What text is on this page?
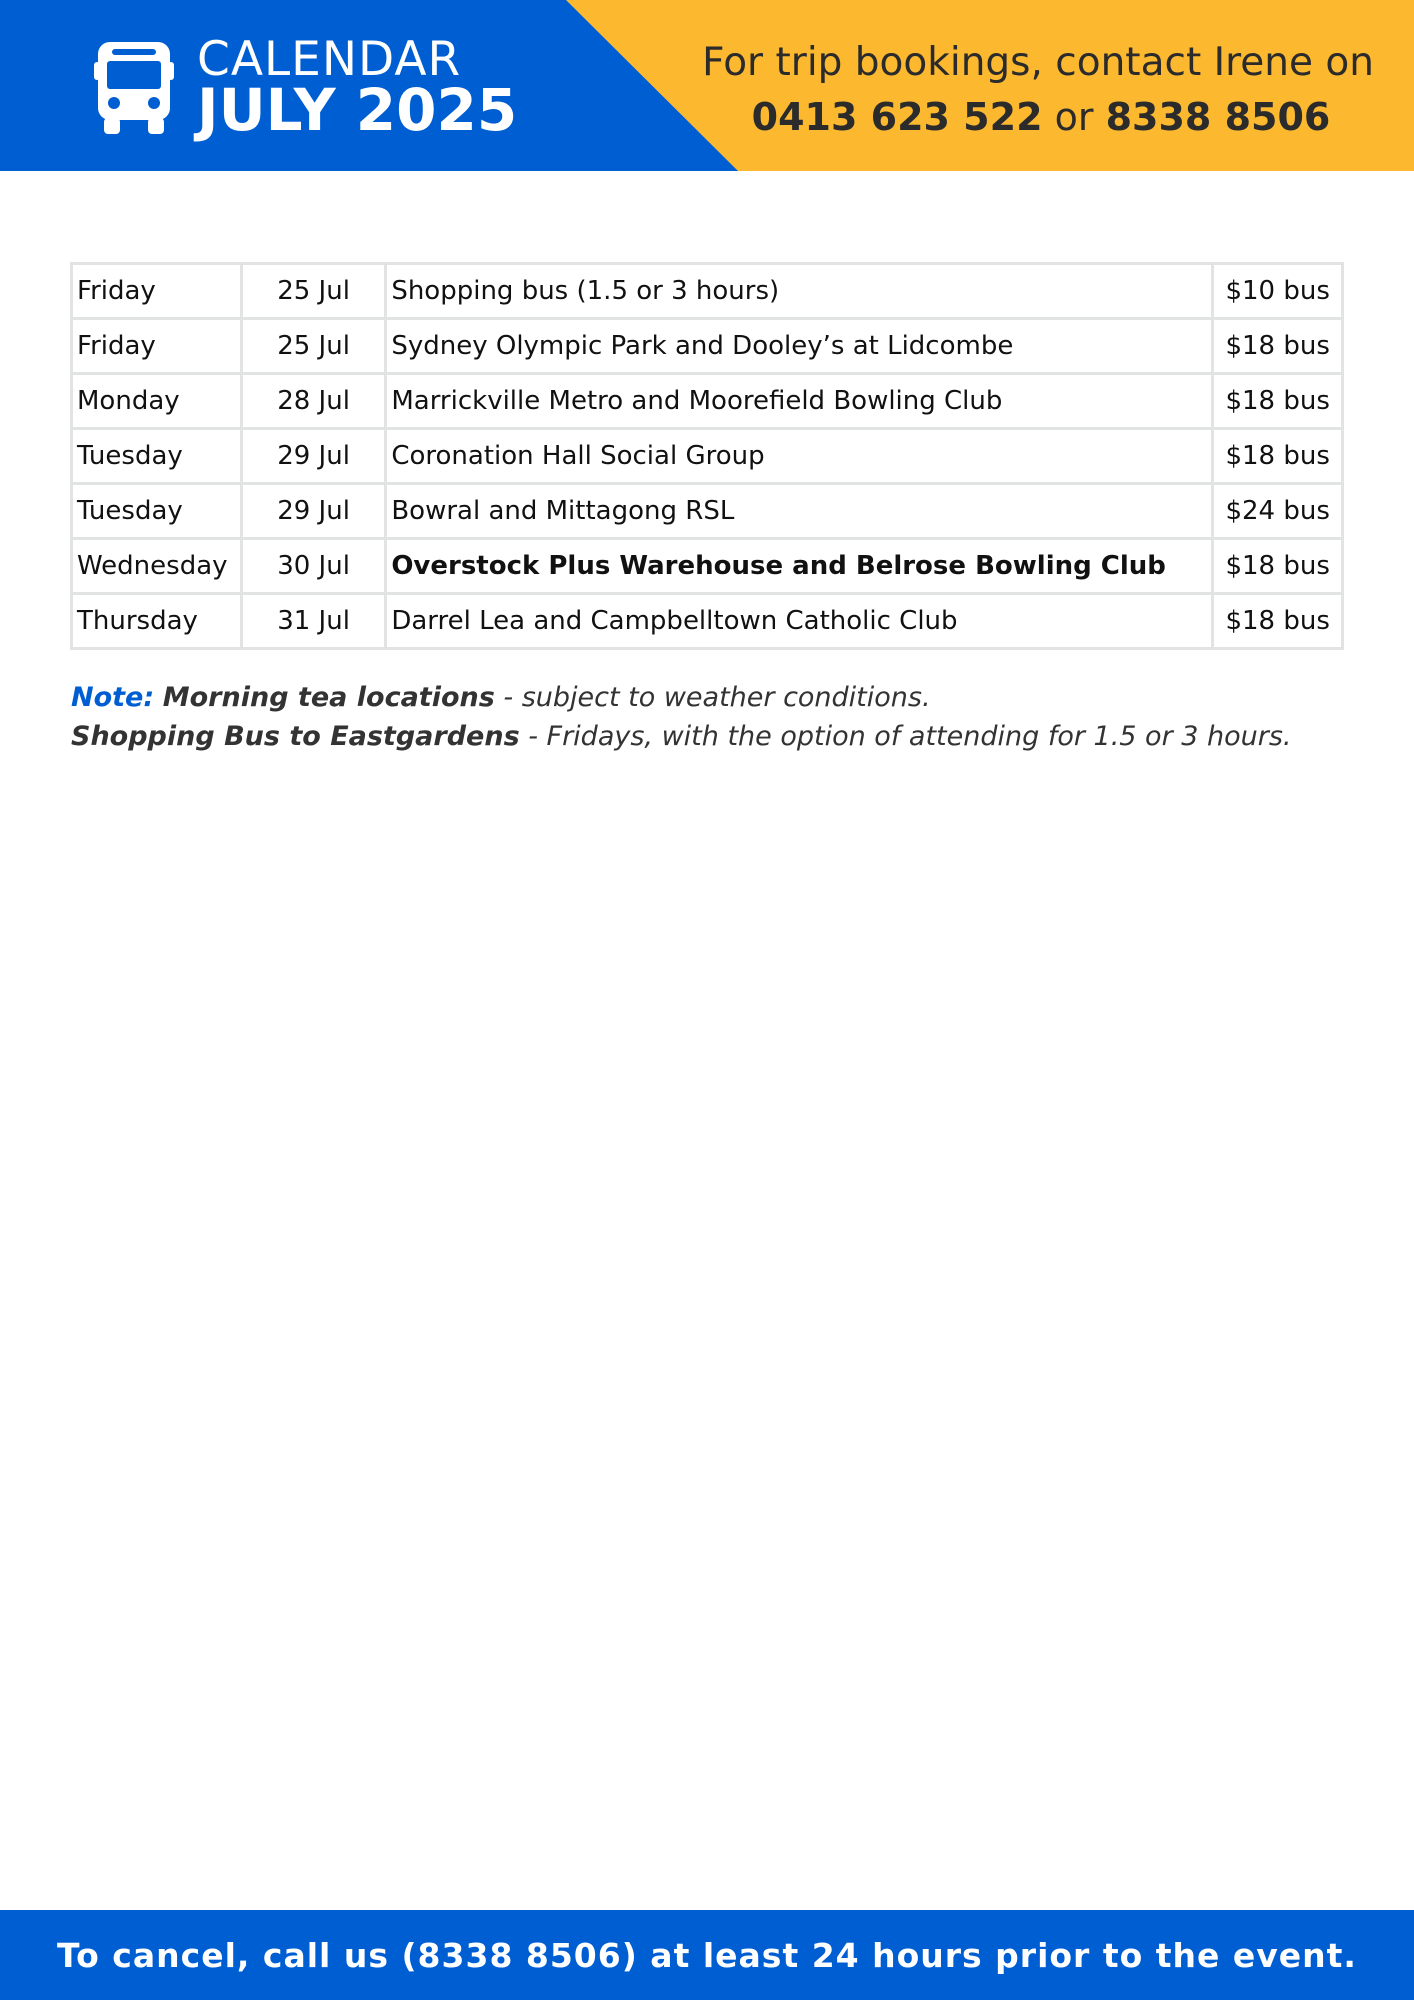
CALENDAR
JULY 2025
For trip bookings, contact Irene on
0413 623 522 or 8338 8506
Friday	25 Jul	Shopping bus (1.5 or 3 hours)	$10 bus
Friday	25 Jul	Sydney Olympic Park and Dooley’s at Lidcombe	$18 bus
Monday	28 Jul	Marrickville Metro and Moorefield Bowling Club	$18 bus
Tuesday	29 Jul	Coronation Hall Social Group	$18 bus
Tuesday	29 Jul	Bowral and Mittagong RSL	$24 bus
Wednesday	30 Jul	Overstock Plus Warehouse and Belrose Bowling Club	$18 bus
Thursday	31 Jul	Darrel Lea and Campbelltown Catholic Club	$18 bus
Note: Morning tea locations - subject to weather conditions.
Shopping Bus to Eastgardens - Fridays, with the option of attending for 1.5 or 3 hours.
To cancel, call us (8338 8506) at least 24 hours prior to the event.
